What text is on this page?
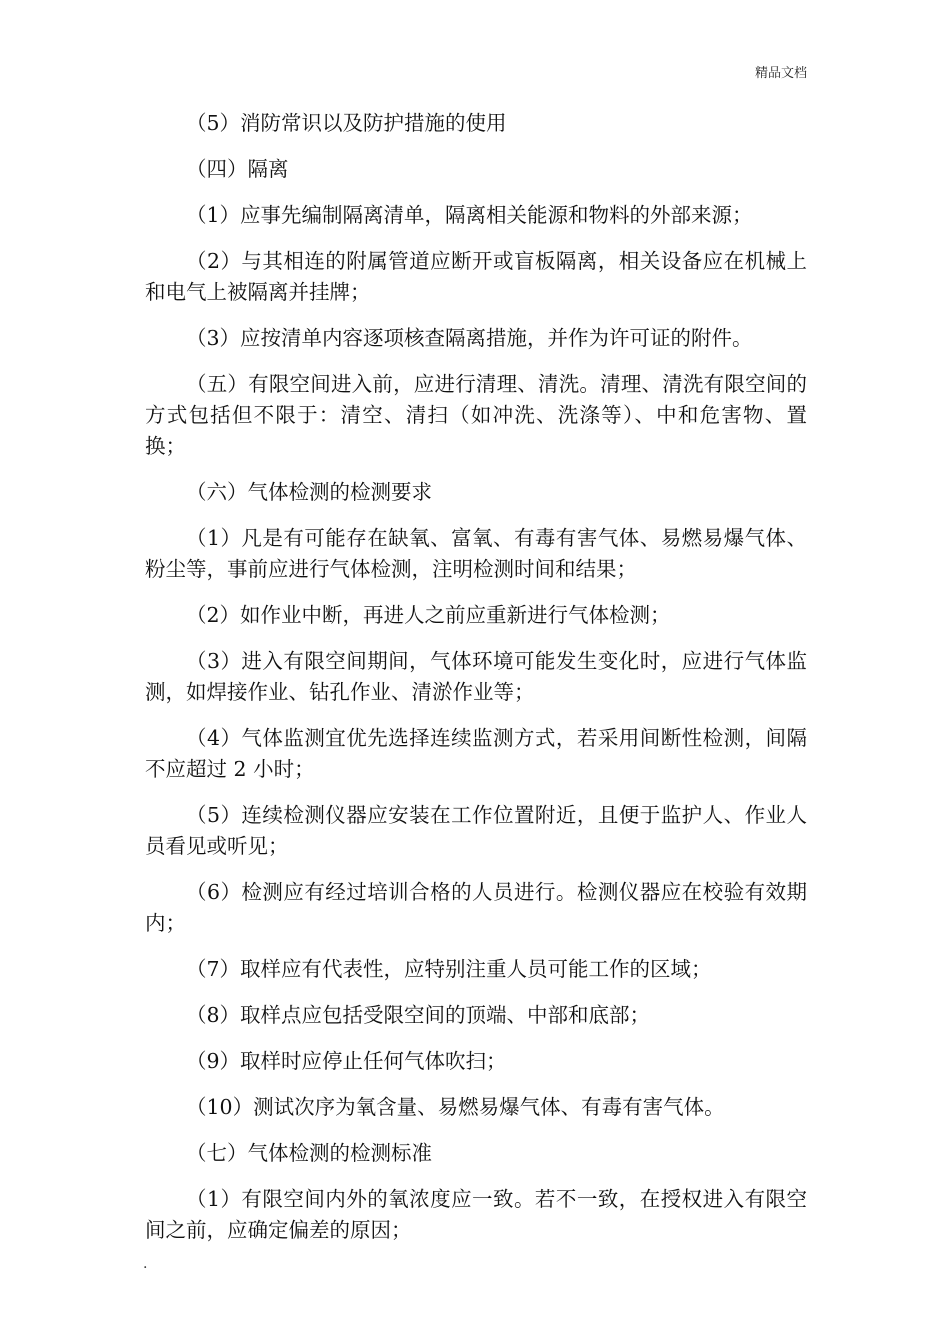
精品文档

（5）消防常识以及防护措施的使用

（四）隔离

（1）应事先编制隔离清单，隔离相关能源和物料的外部来源；

（2）与其相连的附属管道应断开或盲板隔离，相关设备应在机械上和电气上被隔离并挂牌；

（3）应按清单内容逐项核查隔离措施，并作为许可证的附件。

（五）有限空间进入前，应进行清理、清洗。清理、清洗有限空间的方式包括但不限于：清空、清扫（如冲洗、洗涤等）、中和危害物、置换；

（六）气体检测的检测要求

（1）凡是有可能存在缺氧、富氧、有毒有害气体、易燃易爆气体、粉尘等，事前应进行气体检测，注明检测时间和结果；

（2）如作业中断，再进人之前应重新进行气体检测；

（3）进入有限空间期间，气体环境可能发生变化时，应进行气体监测，如焊接作业、钻孔作业、清淤作业等；

（4）气体监测宜优先选择连续监测方式，若采用间断性检测，间隔不应超过 2 小时；

（5）连续检测仪器应安装在工作位置附近，且便于监护人、作业人员看见或听见；

（6）检测应有经过培训合格的人员进行。检测仪器应在校验有效期内；

（7）取样应有代表性，应特别注重人员可能工作的区域；

（8）取样点应包括受限空间的顶端、中部和底部；

（9）取样时应停止任何气体吹扫；

（10）测试次序为氧含量、易燃易爆气体、有毒有害气体。

（七）气体检测的检测标准

（1）有限空间内外的氧浓度应一致。若不一致，在授权进入有限空间之前，应确定偏差的原因；

.
